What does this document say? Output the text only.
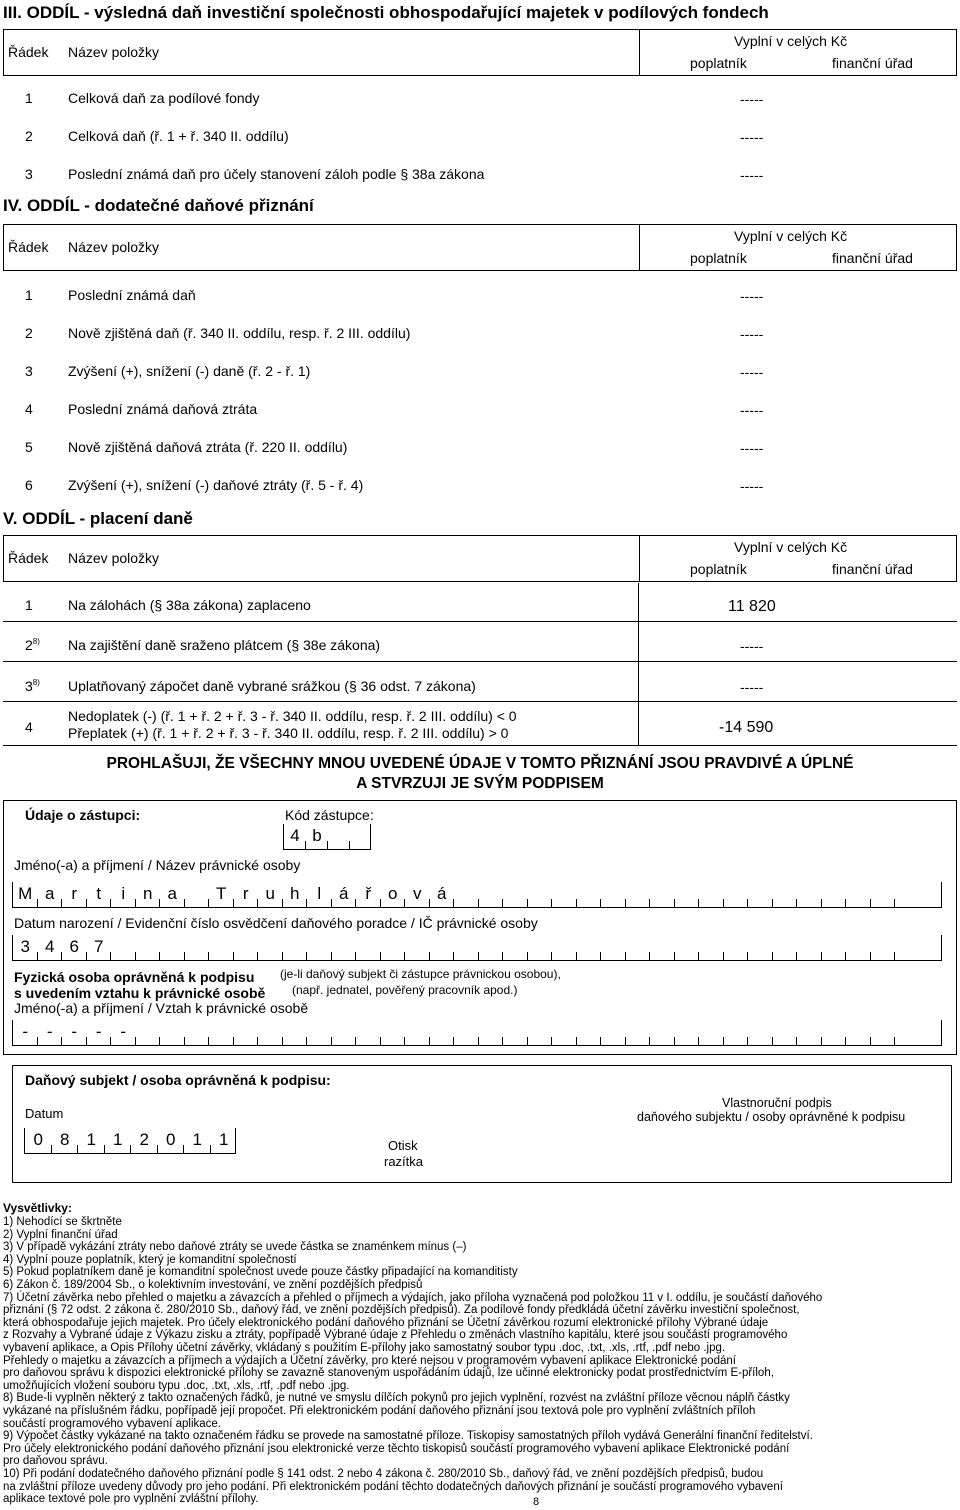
III. ODDÍL - výsledná daň investiční společnosti obhospodařující majetek v podílových fondech
Řádek Název položky
Vyplní v celých Kč
poplatník	finanční úřad
1	Celková daň za podílové fondy	-----
2	Celková daň (ř. 1 + ř. 340 II. oddílu)	-----
3	Poslední známá daň pro účely stanovení záloh podle § 38a zákona	-----
IV. ODDÍL - dodatečné daňové přiznání
Řádek Název položky
Vyplní v celých Kč
poplatník	finanční úřad
1	Poslední známá daň	-----
2	Nově zjištěná daň (ř. 340 II. oddílu, resp. ř. 2 III. oddílu)	-----
3	Zvýšení (+), snížení (-) daně (ř. 2 - ř. 1)	-----
4	Poslední známá daňová ztráta	-----
5	Nově zjištěná daňová ztráta (ř. 220 II. oddílu)	-----
6	Zvýšení (+), snížení (-) daňové ztráty (ř. 5 - ř. 4)	-----
V. ODDÍL - placení daně
Řádek Název položky
Vyplní v celých Kč
poplatník	finanční úřad
1	Na zálohách (§ 38a zákona) zaplaceno	11 820
2$^{8)}$ Na zajištění daně sraženo plátcem (§ 38e zákona)	-----
3$^{8)}$ Uplatňovaný zápočet daně vybrané srážkou (§ 36 odst. 7 zákona)	-----
4
Nedoplatek (-) (ř. 1 + ř. 2 + ř. 3 - ř. 340 II. oddílu, resp. ř. 2 III. oddílu) < 0
Přeplatek (+) (ř. 1 + ř. 2 + ř. 3 - ř. 340 II. oddílu, resp. ř. 2 III. oddílu) > 0	-14 590
PROHLAŠUJI, ŽE VŠECHNY MNOU UVEDENÉ ÚDAJE V TOMTO PŘIZNÁNÍ JSOU PRAVDIVÉ A ÚPLNÉ
A STVRZUJI JE SVÝM PODPISEM
Údaje o zástupci:	Kód zástupce:
4 b
Jméno(-a) a příjmení / Název právnické osoby
M a r	t	i	n a	T r u h	l	á ř o v á
Datum narození / Evidenční číslo osvědčení daňového poradce / IČ právnické osoby
3 4 6 7
Fyzická osoba oprávněná k podpisu
s uvedením vztahu k právnické osobě
(je-li daňový subjekt či zástupce právnickou osobou),
(např. jednatel, pověřený pracovník apod.)
Jméno(-a) a příjmení / Vztah k právnické osobě
-	-	-	-	-
Daňový subjekt / osoba oprávněná k podpisu:
Datum
0	8	1	1	2	0	1	1	Otisk
razítka
Vlastnoruční podpis
daňového subjektu / osoby oprávněné k podpisu
Vysvětlivky:
1) Nehodící se škrtněte
2) Vyplní finanční úřad
3) V případě vykázání ztráty nebo daňové ztráty se uvede částka se znaménkem mínus (–)
4) Vyplní pouze poplatník, který je komanditní společností
5) Pokud poplatníkem daně je komanditní společnost uvede pouze částky připadající na komanditisty
6) Zákon č. 189/2004 Sb., o kolektivním investování, ve znění pozdějších předpisů
7) Účetní závěrka nebo přehled o majetku a závazcích a přehled o příjmech a výdajích, jako příloha vyznačená pod položkou 11 v I. oddílu, je součástí daňového
přiznání (§ 72 odst. 2 zákona č. 280/2010 Sb., daňový řád, ve znění pozdějších předpisů). Za podílové fondy předkládá účetní závěrku investiční společnost,
která obhospodařuje jejich majetek. Pro účely elektronického podání daňového přiznání se Účetní závěrkou rozumí elektronické přílohy Výbrané údaje
z Rozvahy a Vybrané údaje z Výkazu zisku a ztráty, popřípadě Výbrané údaje z Přehledu o změnách vlastního kapitálu, které jsou součástí programového
vybavení aplikace, a Opis Přílohy účetní závěrky, vkládaný s použitím E-přílohy jako samostatný soubor typu .doc, .txt, .xls, .rtf, .pdf nebo .jpg.
Přehledy o majetku a závazcích a příjmech a výdajích a Účetní závěrky, pro které nejsou v programovém vybavení aplikace Elektronické podání
pro daňovou správu k dispozici elektronické přílohy se zavazně stanoveným uspořádáním údajů, lze učinné elektronicky podat prostřednictvím E-příloh,
umožňujících vložení souboru typu .doc, .txt, .xls, .rtf, .pdf nebo .jpg.
8) Bude-li vyplněn některý z takto označených řádků, je nutné ve smyslu dílčích pokynů pro jejich vyplnění, rozvést na zvláštní příloze věcnou náplň částky
vykázané na příslušném řádku, popřípadě její propočet. Při elektronickém podání daňového přiznání jsou textová pole pro vyplnění zvláštních příloh
součástí programového vybavení aplikace.
9) Výpočet částky vykázané na takto označeném řádku se provede na samostatné příloze. Tiskopisy samostatných příloh vydává Generální finanční ředitelství.
Pro účely elektronického podání daňového přiznání jsou elektronické verze těchto tiskopisů součástí programového vybavení aplikace Elektronické podání
pro daňovou správu.
10) Při podání dodatečného daňového přiznání podle § 141 odst. 2 nebo 4 zákona č. 280/2010 Sb., daňový řád, ve znění pozdějších předpisů, budou
na zvláštní příloze uvedeny důvody pro jeho podání. Při elektronickém podání těchto dodatečných daňových přiznání je součástí programového vybavení
aplikace textové pole pro vyplnění zvláštní přílohy.	8
